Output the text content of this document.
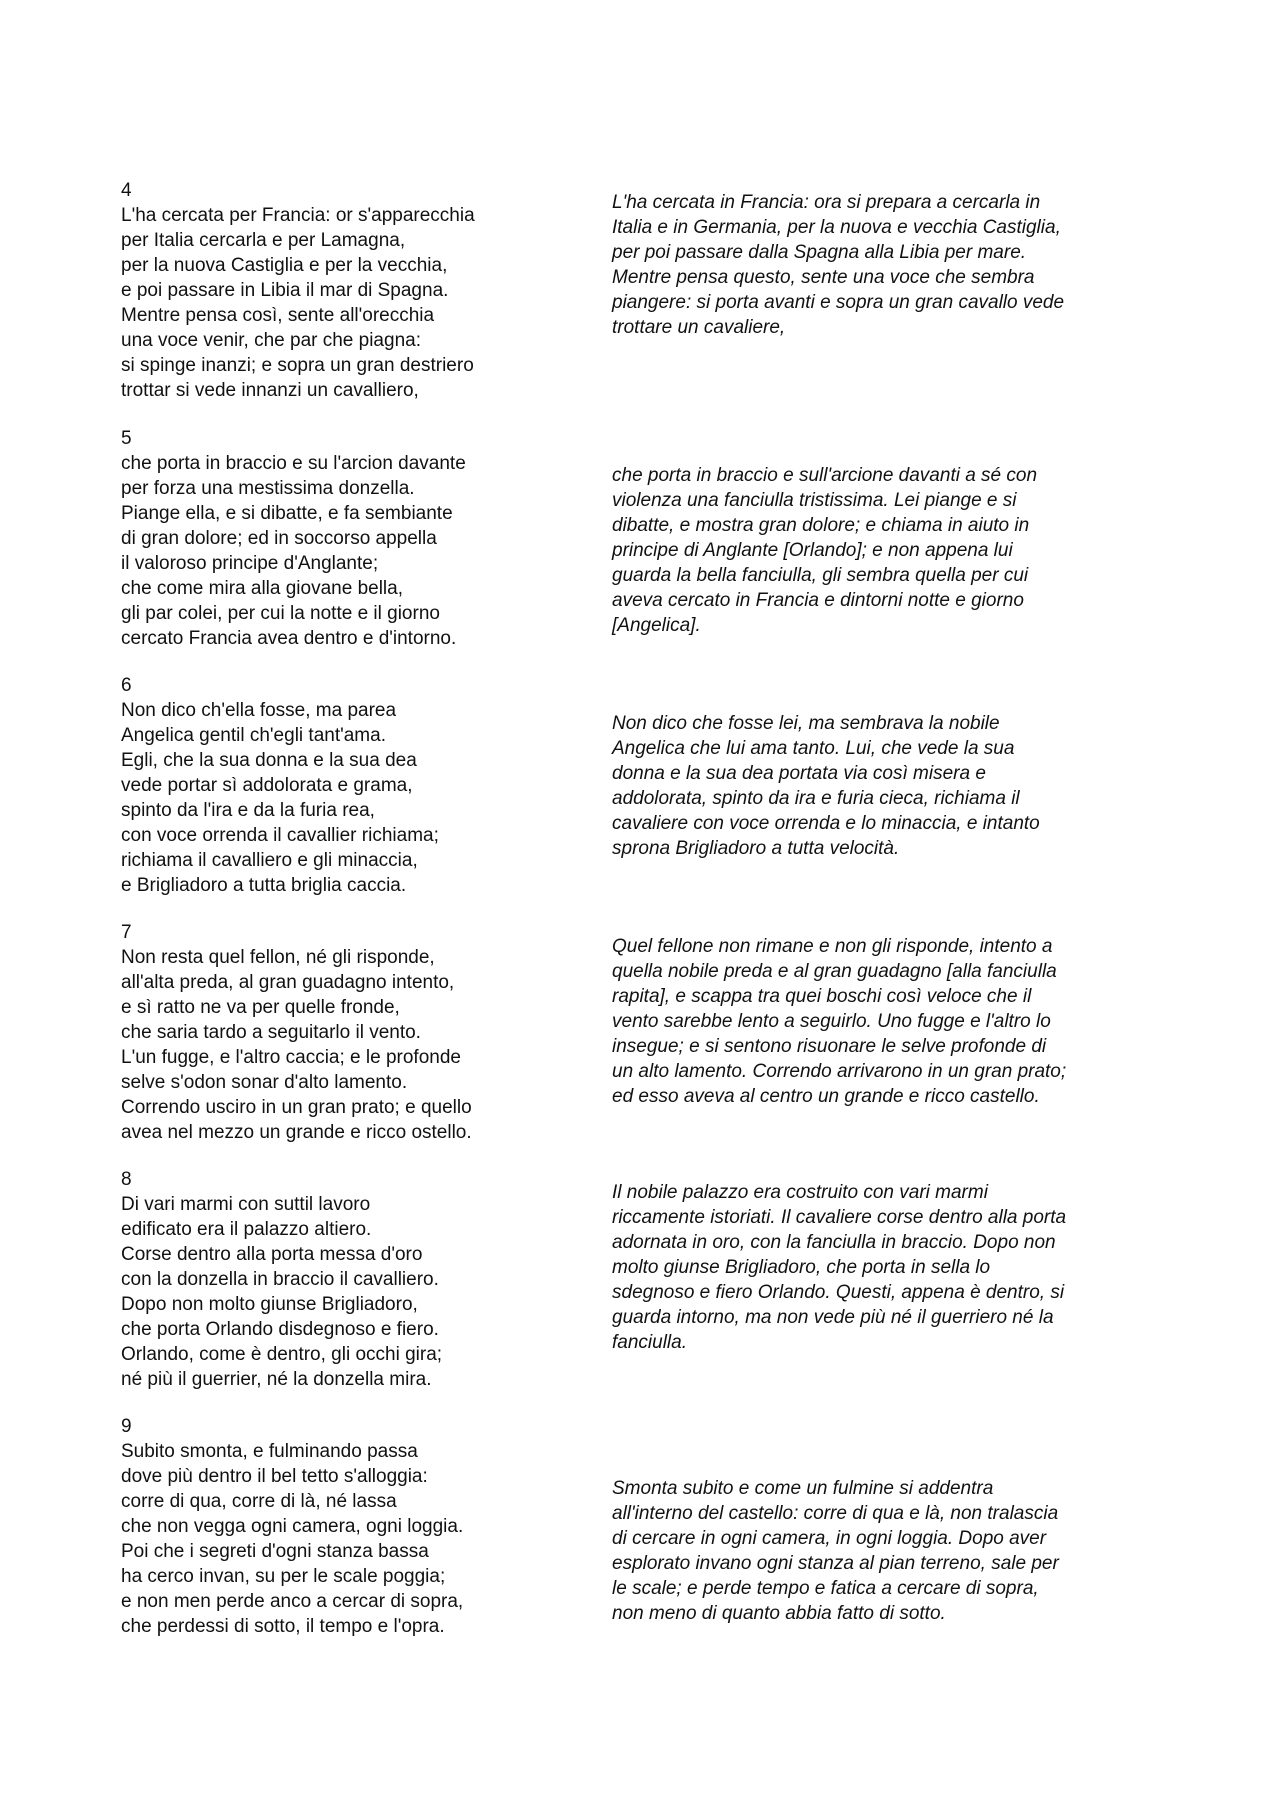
4
L'ha cercata per Francia: or s'apparecchia
per Italia cercarla e per Lamagna,
per la nuova Castiglia e per la vecchia,
e poi passare in Libia il mar di Spagna.
Mentre pensa così, sente all'orecchia
una voce venir, che par che piagna:
si spinge inanzi; e sopra un gran destriero
trottar si vede innanzi un cavalliero,
L'ha cercata in Francia: ora si prepara a cercarla in
Italia e in Germania, per la nuova e vecchia Castiglia,
per poi passare dalla Spagna alla Libia per mare.
Mentre pensa questo, sente una voce che sembra
piangere: si porta avanti e sopra un gran cavallo vede
trottare un cavaliere,
5
che porta in braccio e su l'arcion davante
per forza una mestissima donzella.
Piange ella, e si dibatte, e fa sembiante
di gran dolore; ed in soccorso appella
il valoroso principe d'Anglante;
che come mira alla giovane bella,
gli par colei, per cui la notte e il giorno
cercato Francia avea dentro e d'intorno.
che porta in braccio e sull'arcione davanti a sé con
violenza una fanciulla tristissima. Lei piange e si
dibatte, e mostra gran dolore; e chiama in aiuto in
principe di Anglante [Orlando]; e non appena lui
guarda la bella fanciulla, gli sembra quella per cui
aveva cercato in Francia e dintorni notte e giorno
[Angelica].
6
Non dico ch'ella fosse, ma parea
Angelica gentil ch'egli tant'ama.
Egli, che la sua donna e la sua dea
vede portar sì addolorata e grama,
spinto da l'ira e da la furia rea,
con voce orrenda il cavallier richiama;
richiama il cavalliero e gli minaccia,
e Brigliadoro a tutta briglia caccia.
Non dico che fosse lei, ma sembrava la nobile
Angelica che lui ama tanto. Lui, che vede la sua
donna e la sua dea portata via così misera e
addolorata, spinto da ira e furia cieca, richiama il
cavaliere con voce orrenda e lo minaccia, e intanto
sprona Brigliadoro a tutta velocità.
7
Non resta quel fellon, né gli risponde,
all'alta preda, al gran guadagno intento,
e sì ratto ne va per quelle fronde,
che saria tardo a seguitarlo il vento.
L'un fugge, e l'altro caccia; e le profonde
selve s'odon sonar d'alto lamento.
Correndo usciro in un gran prato; e quello
avea nel mezzo un grande e ricco ostello.
Quel fellone non rimane e non gli risponde, intento a
quella nobile preda e al gran guadagno [alla fanciulla
rapita], e scappa tra quei boschi così veloce che il
vento sarebbe lento a seguirlo. Uno fugge e l'altro lo
insegue; e si sentono risuonare le selve profonde di
un alto lamento. Correndo arrivarono in un gran prato;
ed esso aveva al centro un grande e ricco castello.
8
Di vari marmi con suttil lavoro
edificato era il palazzo altiero.
Corse dentro alla porta messa d'oro
con la donzella in braccio il cavalliero.
Dopo non molto giunse Brigliadoro,
che porta Orlando disdegnoso e fiero.
Orlando, come è dentro, gli occhi gira;
né più il guerrier, né la donzella mira.
Il nobile palazzo era costruito con vari marmi
riccamente istoriati. Il cavaliere corse dentro alla porta
adornata in oro, con la fanciulla in braccio. Dopo non
molto giunse Brigliadoro, che porta in sella lo
sdegnoso e fiero Orlando. Questi, appena è dentro, si
guarda intorno, ma non vede più né il guerriero né la
fanciulla.
9
Subito smonta, e fulminando passa
dove più dentro il bel tetto s'alloggia:
corre di qua, corre di là, né lassa
che non vegga ogni camera, ogni loggia.
Poi che i segreti d'ogni stanza bassa
ha cerco invan, su per le scale poggia;
e non men perde anco a cercar di sopra,
che perdessi di sotto, il tempo e l'opra.
Smonta subito e come un fulmine si addentra
all'interno del castello: corre di qua e là, non tralascia
di cercare in ogni camera, in ogni loggia. Dopo aver
esplorato invano ogni stanza al pian terreno, sale per
le scale; e perde tempo e fatica a cercare di sopra,
non meno di quanto abbia fatto di sotto.
